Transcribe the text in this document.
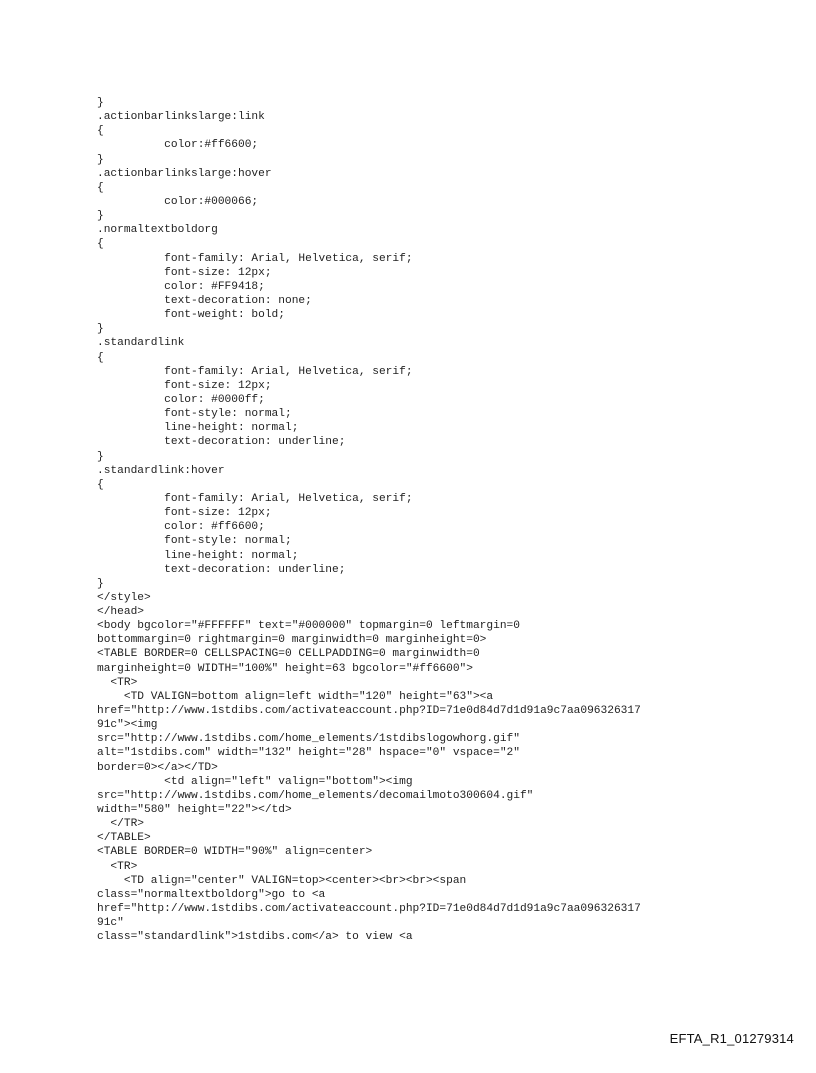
}
.actionbarlinkslarge:link
{
color:#ff6600;
}
.actionbarlinkslarge:hover
{
color:#000066;
}
.normaltextboldorg
{
font-family: Arial, Helvetica, serif;
font-size: 12px;
color: #FF9418;
text-decoration: none;
font-weight: bold;
}
.standardlink
{
font-family: Arial, Helvetica, serif;
font-size: 12px;
color: #0000ff;
font-style: normal;
line-height: normal;
text-decoration: underline;
}
.standardlink:hover
{
font-family: Arial, Helvetica, serif;
font-size: 12px;
color: #ff6600;
font-style: normal;
line-height: normal;
text-decoration: underline;
}
</style>
</head>
<body bgcolor="#FFFFFF" text="#000000" topmargin=0 leftmargin=0
bottommargin=0 rightmargin=0 marginwidth=0 marginheight=0>
<TABLE BORDER=0 CELLSPACING=0 CELLPADDING=0 marginwidth=0
marginheight=0 WIDTH="100%" height=63 bgcolor="#ff6600">
<TR>
<TD VALIGN=bottom align=left width="120" height="63"><a
href="http://www.1stdibs.com/activateaccount.php?ID=71e0d84d7d1d91a9c7aa096326317
91c"><img
src="http://www.1stdibs.com/home_elements/1stdibslogowhorg.gif"
alt="1stdibs.com" width="132" height="28" hspace="0" vspace="2"
border=0></a></TD>
<td align="left" valign="bottom"><img
src="http://www.1stdibs.com/home_elements/decomailmoto300604.gif"
width="580" height="22"></td>
</TR>
</TABLE>
<TABLE BORDER=0 WIDTH="90%" align=center>
<TR>
<TD align="center" VALIGN=top><center><br><br><span
class="normaltextboldorg">go to <a
href="http://www.1stdibs.com/activateaccount.php?ID=71e0d84d7d1d91a9c7aa096326317
91c"
class="standardlink">1stdibs.com</a> to view <a
EFTA_R1_01279314
